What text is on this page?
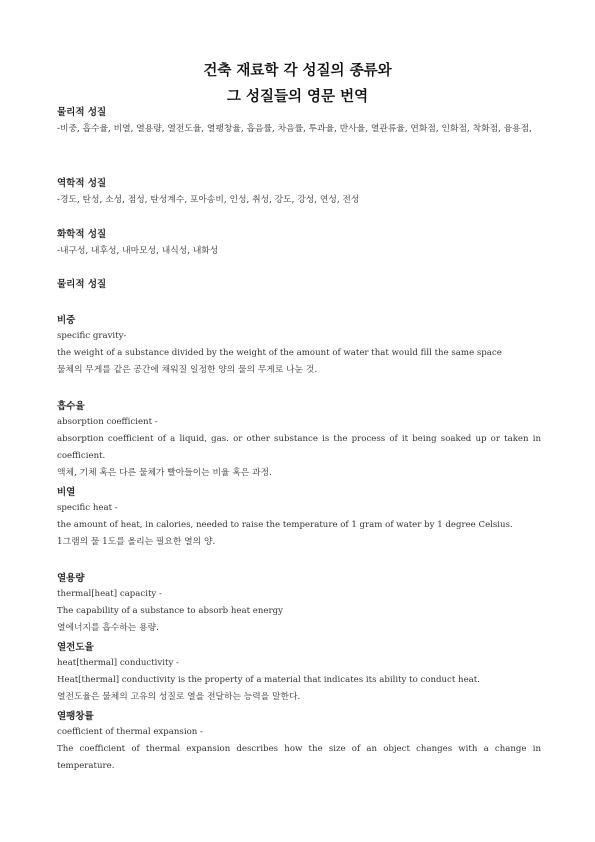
건축 재료학 각 성질의 종류와
그 성질들의 영문 번역

물리적 성질

-비중, 흡수율, 비열, 열용량, 열전도율, 열팽창율, 흡음률, 차음률, 투과율, 반사율, 열관류율, 연화점, 인화점, 착화점, 융용점,

역학적 성질

-경도, 탄성, 소성, 점성, 탄성계수, 포아송비, 인성, 취성, 강도, 강성, 연성, 전성

화학적 성질

-내구성, 내후성, 내마모성, 내식성, 내화성

물리적 성질

비중

specific gravity-

the weight of a substance divided by the weight of the amount of water that would fill the same space

물체의 무게를 같은 공간에 채워질 일정한 양의 물의 무게로 나눈 것.

흡수율

absorption coefficient -

absorption coefficient of a liquid, gas. or other substance is the process of it being soaked up or taken in coefficient.

액체, 기체 혹은 다른 물체가 빨아들이는 비율 혹은 과정.

비열

specific heat -

the amount of heat, in calories, needed to raise the temperature of 1 gram of water by 1 degree Celsius.

1그램의 물 1도를 올리는 필요한 열의 양.

열용량

thermal[heat] capacity -

The capability of a substance to absorb heat energy

열에너지를 흡수하는 용량.

열전도율

heat[thermal] conductivity -

Heat[thermal] conductivity is the property of a material that indicates its ability to conduct heat.

열전도율은 물체의 고유의 성질로 열을 전달하는 능력을 말한다.

열팽창률

coefficient of thermal expansion -

The coefficient of thermal expansion describes how the size of an object changes with a change in temperature.
